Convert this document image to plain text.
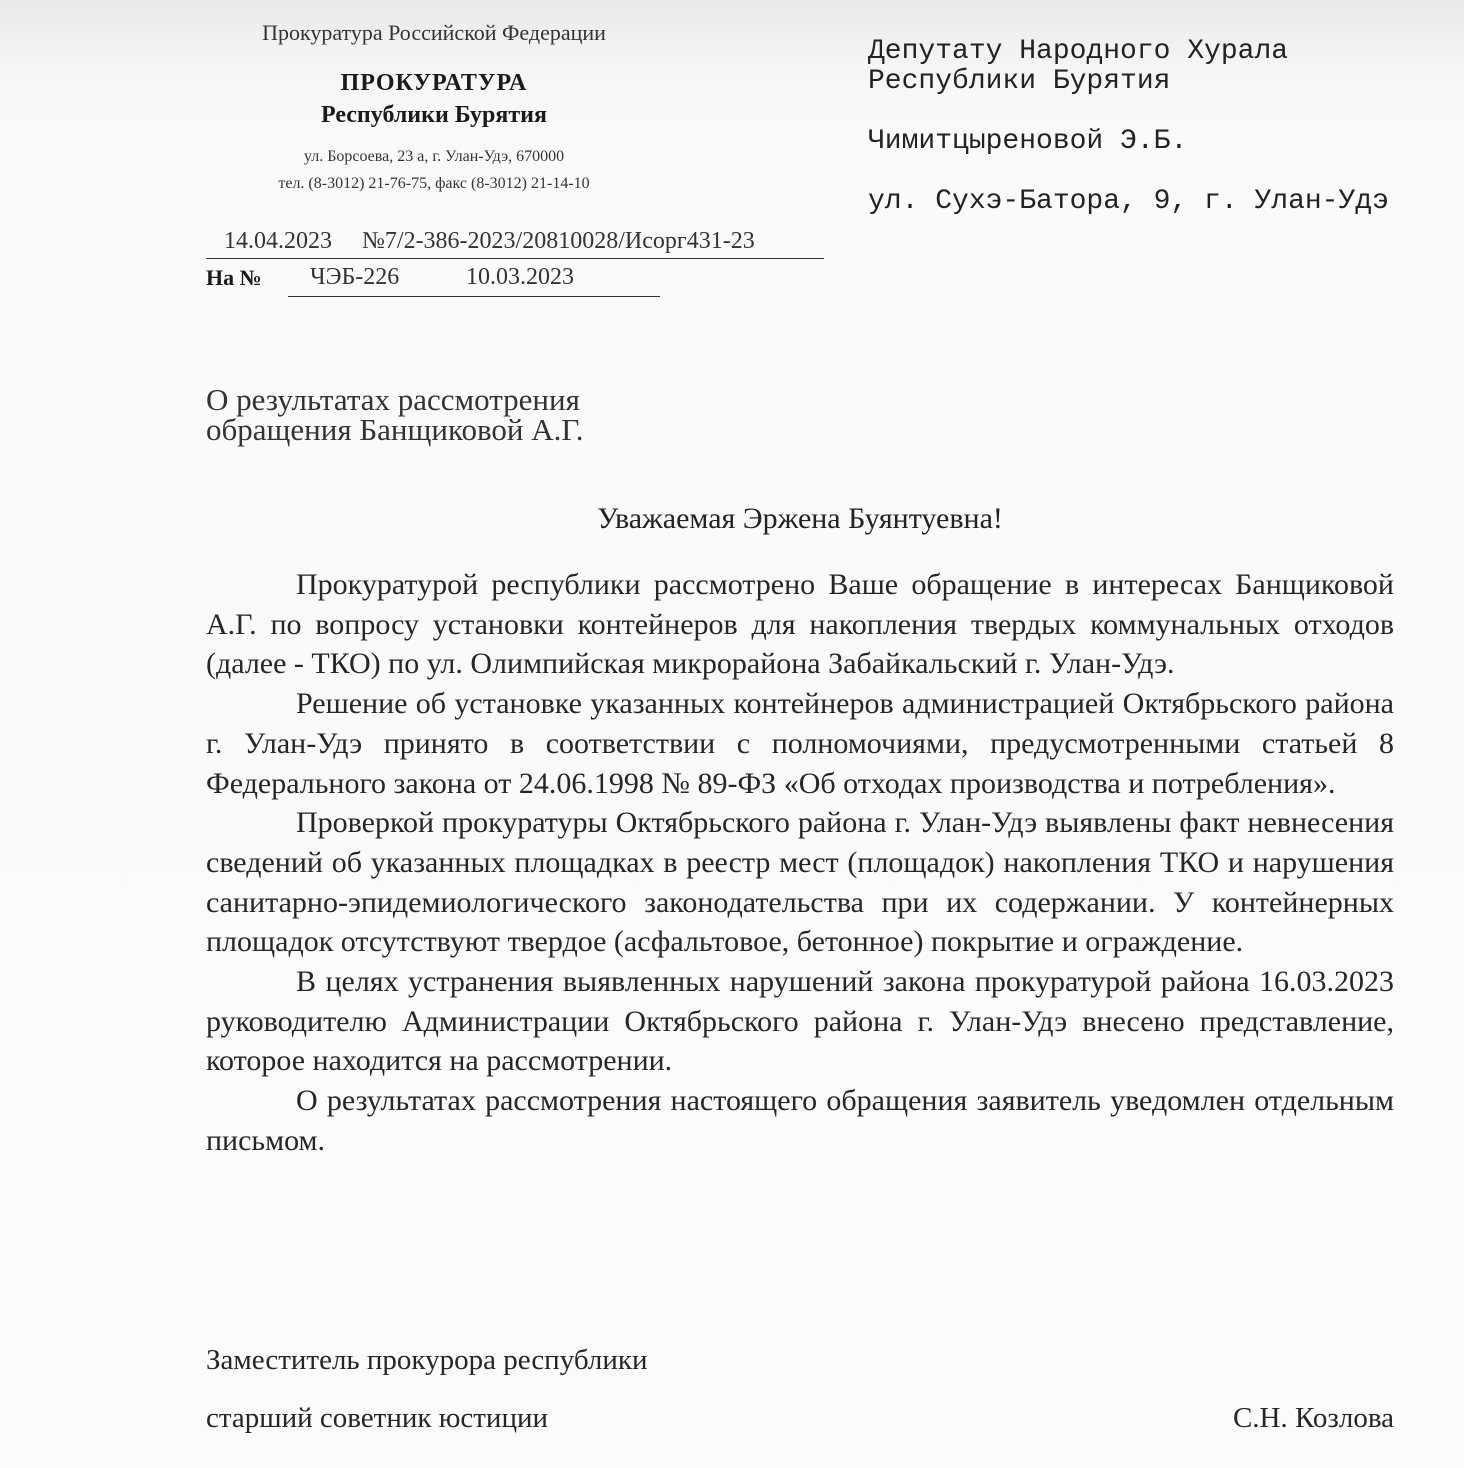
Прокуратура Российской Федерации
ПРОКУРАТУРА
Республики Бурятия
ул. Борсоева, 23 а, г. Улан-Удэ, 670000
тел. (8-3012) 21-76-75, факс (8-3012) 21-14-10
14.04.2023 №7/2-386-2023/20810028/Исорг431-23
На № ЧЭБ-226	10.03.2023
Депутату Народного Хурала
Республики Бурятия
Чимитцыреновой Э.Б.
ул. Сухэ-Батора, 9, г. Улан-Удэ
О результатах рассмотрения
обращения Банщиковой А.Г.
Уважаемая Эржена Буянтуевна!

Прокуратурой республики рассмотрено Ваше обращение в интересах Банщиковой А.Г. по вопросу установки контейнеров для накопления твердых коммунальных отходов (далее - ТКО) по ул. Олимпийская микрорайона Забайкальский г. Улан-Удэ.

Решение об установке указанных контейнеров администрацией Октябрьского района г. Улан-Удэ принято в соответствии с полномочиями, предусмотренными статьей 8 Федерального закона от 24.06.1998 № 89-ФЗ «Об отходах производства и потребления».

Проверкой прокуратуры Октябрьского района г. Улан-Удэ выявлены факт невнесения сведений об указанных площадках в реестр мест (площадок) накопления ТКО и нарушения санитарно-эпидемиологического законодательства при их содержании. У контейнерных площадок отсутствуют твердое (асфальтовое, бетонное) покрытие и ограждение.

В целях устранения выявленных нарушений закона прокуратурой района 16.03.2023 руководителю Администрации Октябрьского района г. Улан-Удэ внесено представление, которое находится на рассмотрении.

О результатах рассмотрения настоящего обращения заявитель уведомлен отдельным письмом.

Заместитель прокурора республики
старший советник юстиции	С.Н. Козлова
